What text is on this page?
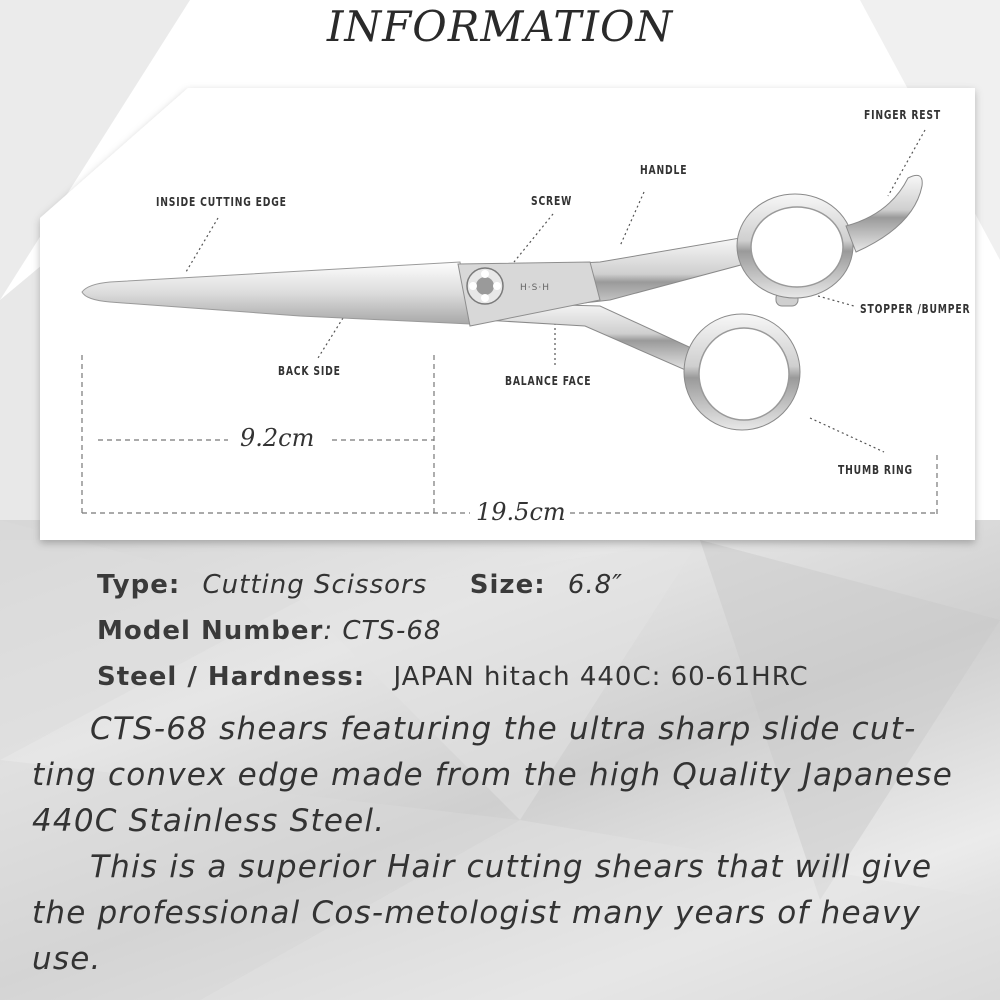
INFORMATION
H·S·H
FINGER REST
HANDLE
INSIDE CUTTING EDGE	SCREW
STOPPER /BUMPER
BACK SIDE
BALANCE FACE
THUMB RING
9.2cm
19.5cm
Type: Cutting Scissors Size: 6.8″
Model Number: CTS-68
Steel / Hardness: JAPAN hitach 440C: 60-61HRC

CTS-68 shears featuring the ultra sharp slide cut-

ting convex edge made from the high Quality Japanese

440C Stainless Steel.

This is a superior Hair cutting shears that will give

the professional Cos-metologist many years of heavy

use.
